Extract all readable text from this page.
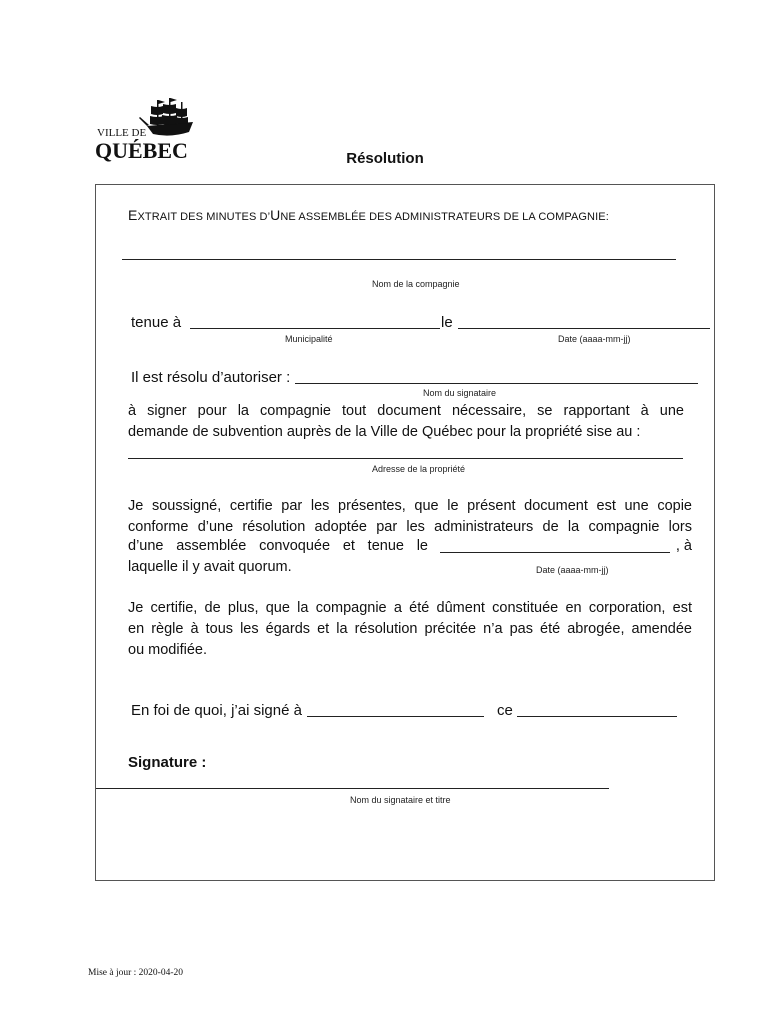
VILLE DE
QUÉBEC	Résolution
EXTRAIT DES MINUTES D’UNE ASSEMBLÉE DES ADMINISTRATEURS DE LA COMPAGNIE:
Nom de la compagnie
tenue à	le
Municipalité	Date (aaaa-mm-jj)
Il est résolu d’autoriser :
Nom du signataire
à signer pour la compagnie tout document nécessaire, se rapportant à une
demande de subvention auprès de la Ville de Québec pour la propriété sise au :
Adresse de la propriété
Je soussigné, certifie par les présentes, que le présent document est une copie
conforme d’une résolution adoptée par les administrateurs de la compagnie lors
d’une assemblée convoquée et tenue le	, à
laquelle il y avait quorum.	Date (aaaa-mm-jj)
Je certifie, de plus, que la compagnie a été dûment constituée en corporation, est
en règle à tous les égards et la résolution précitée n’a pas été abrogée, amendée
ou modifiée.
En foi de quoi, j’ai signé à	ce
Signature :
Nom du signataire et titre
Mise à jour : 2020-04-20
